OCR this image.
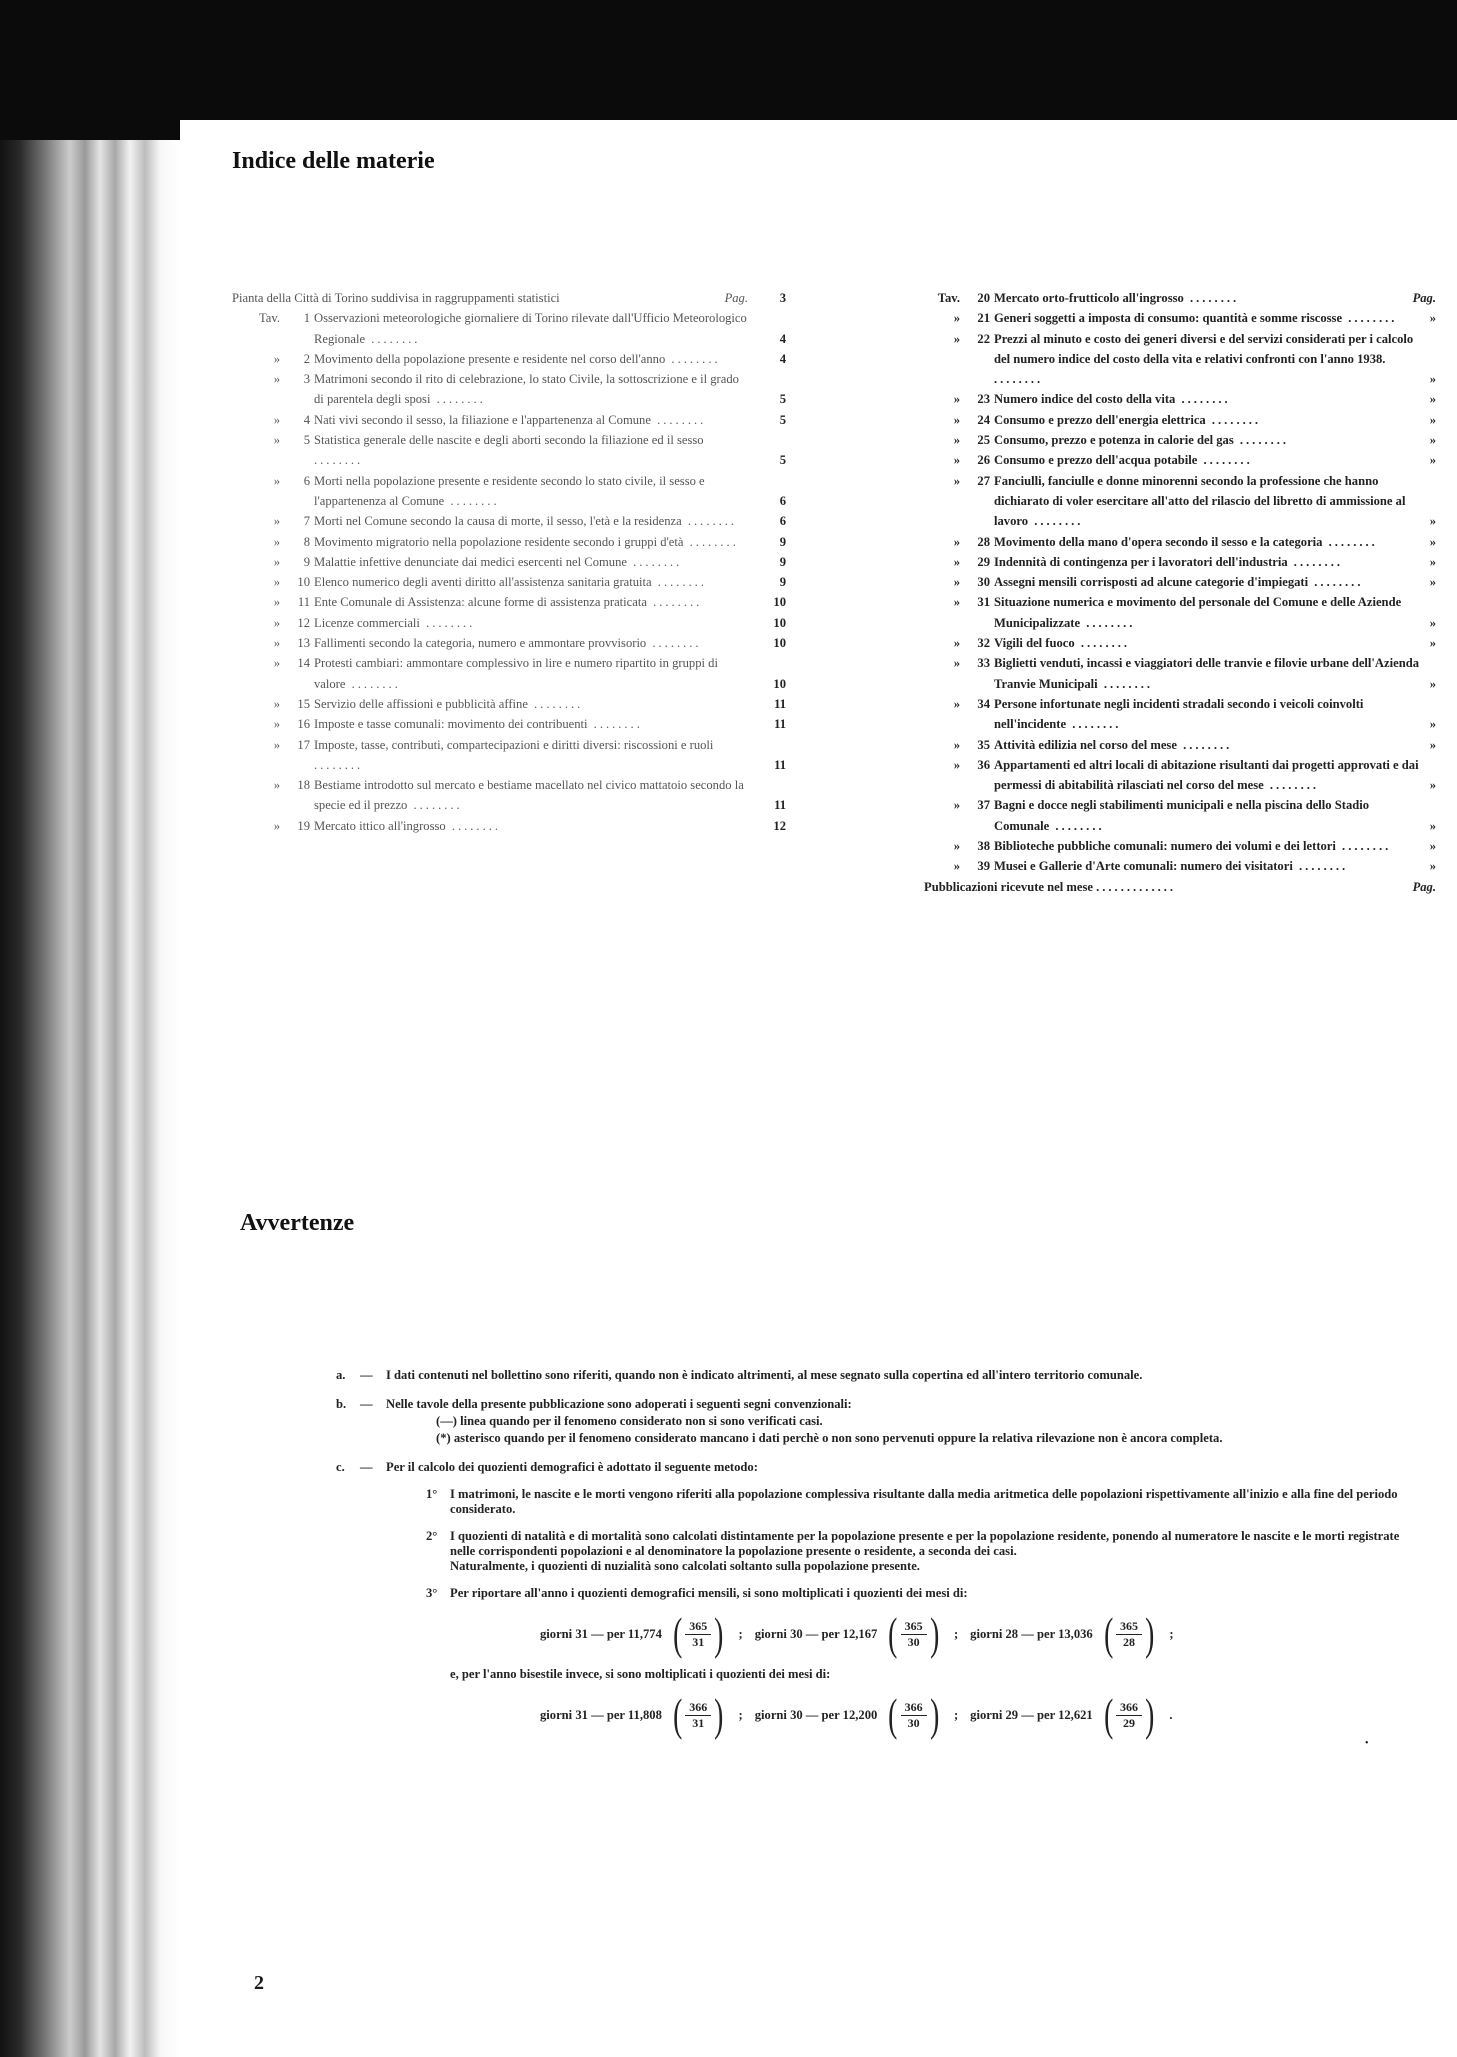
Indice delle materie
Pianta della Città di Torino suddivisa in raggruppamenti statistici	Pag.	3
Tav.	1 Osservazioni meteorologiche giornaliere di Torino rilevate dall'Ufficio Meteorologico Regionale ........	4
»	2 Movimento della popolazione presente e residente nel corso dell'anno ........	4
»	3 Matrimoni secondo il rito di celebrazione, lo stato Civile, la sottoscrizione e il grado di parentela degli sposi ........	5
»	4 Nati vivi secondo il sesso, la filiazione e l'appartenenza al Comune ........	5
»	5 Statistica generale delle nascite e degli aborti secondo la filiazione ed il sesso ........	5
»	6 Morti nella popolazione presente e residente secondo lo stato civile, il sesso e l'appartenenza al Comune ........	6
»	7 Morti nel Comune secondo la causa di morte, il sesso, l'età e la residenza ........	6
»	8 Movimento migratorio nella popolazione residente secondo i gruppi d'età ........	9
»	9 Malattie infettive denunciate dai medici esercenti nel Comune ........	9
»	10 Elenco numerico degli aventi diritto all'assistenza sanitaria gratuita ........	9
»	11 Ente Comunale di Assistenza: alcune forme di assistenza praticata ........	10
»	12 Licenze commerciali ........	10
»	13 Fallimenti secondo la categoria, numero e ammontare provvisorio ........	10
»	14 Protesti cambiari: ammontare complessivo in lire e numero ripartito in gruppi di valore ........	10
»	15 Servizio delle affissioni e pubblicità affine ........	11
»	16 Imposte e tasse comunali: movimento dei contribuenti ........	11
»	17 Imposte, tasse, contributi, compartecipazioni e diritti diversi: riscossioni e ruoli ........	11
»	18 Bestiame introdotto sul mercato e bestiame macellato nel civico mattatoio secondo la specie ed il prezzo ........	11
»	19 Mercato ittico all'ingrosso ........	12
Tav.	20 Mercato orto-frutticolo all'ingrosso ........	Pag.
»	21 Generi soggetti a imposta di consumo: quantità e somme riscosse ........	»
»	22 Prezzi al minuto e costo dei generi diversi e del servizi considerati per i calcolo del numero indice del costo della vita e relativi confronti con l'anno 1938. ........	»
»	23 Numero indice del costo della vita ........	»
»	24 Consumo e prezzo dell'energia elettrica ........	»
»	25 Consumo, prezzo e potenza in calorie del gas ........	»
»	26 Consumo e prezzo dell'acqua potabile ........	»
»	27 Fanciulli, fanciulle e donne minorenni secondo la professione che hanno dichiarato di voler esercitare all'atto del rilascio del libretto di ammissione al lavoro ........	»
»	28 Movimento della mano d'opera secondo il sesso e la categoria ........	»
»	29 Indennità di contingenza per i lavoratori dell'industria ........	»
»	30 Assegni mensili corrisposti ad alcune categorie d'impiegati ........	»
»	31 Situazione numerica e movimento del personale del Comune e delle Aziende Municipalizzate ........	»
»	32 Vigili del fuoco ........	»
»	33 Biglietti venduti, incassi e viaggiatori delle tranvie e filovie urbane dell'Azienda Tranvie Municipali ........	»
»	34 Persone infortunate negli incidenti stradali secondo i veicoli coinvolti nell'incidente ........	»
»	35 Attività edilizia nel corso del mese ........	»
»	36 Appartamenti ed altri locali di abitazione risultanti dai progetti approvati e dai permessi di abitabilità rilasciati nel corso del mese ........	»
»	37 Bagni e docce negli stabilimenti municipali e nella piscina dello Stadio Comunale ........	»
»	38 Biblioteche pubbliche comunali: numero dei volumi e dei lettori ........	»
»	39 Musei e Gallerie d'Arte comunali: numero dei visitatori ........	»
Pubblicazioni ricevute nel mese .............	Pag.
Avvertenze
a.	—	I dati contenuti nel bollettino sono riferiti, quando non è indicato altrimenti, al mese segnato sulla copertina ed all'intero territorio comunale.
b.	—	Nelle tavole della presente pubblicazione sono adoperati i seguenti segni convenzionali:
(—) linea quando per il fenomeno considerato non si sono verificati casi.
(*) asterisco quando per il fenomeno considerato mancano i dati perchè o non sono pervenuti oppure la relativa rilevazione non è ancora completa.
c.	—	Per il calcolo dei quozienti demografici è adottato il seguente metodo:
1°	I matrimoni, le nascite e le morti vengono riferiti alla popolazione complessiva risultante dalla media aritmetica delle popolazioni rispettivamente all'inizio e alla fine del periodo considerato.
2°	I quozienti di natalità e di mortalità sono calcolati distintamente per la popolazione presente e per la popolazione residente, ponendo al numeratore le nascite e le morti registrate nelle corrispondenti popolazioni e al denominatore la popolazione presente o residente, a seconda dei casi.
Naturalmente, i quozienti di nuzialità sono calcolati soltanto sulla popolazione presente.
3°	Per riportare all'anno i quozienti demografici mensili, si sono moltiplicati i quozienti dei mesi di:
giorni 31 — per 11,774 ( $\frac{365}{31}$ ) ; giorni 30 — per 12,167 ( $\frac{365}{30}$ ) ; giorni 28 — per 13,036 ( $\frac{365}{28}$ ) ;
e, per l'anno bisestile invece, si sono moltiplicati i quozienti dei mesi di:
giorni 31 — per 11,808 ( $\frac{366}{31}$ ) ; giorni 30 — per 12,200 ( $\frac{366}{30}$ ) ; giorni 29 — per 12,621 ( $\frac{366}{29}$ ) .
•
2
